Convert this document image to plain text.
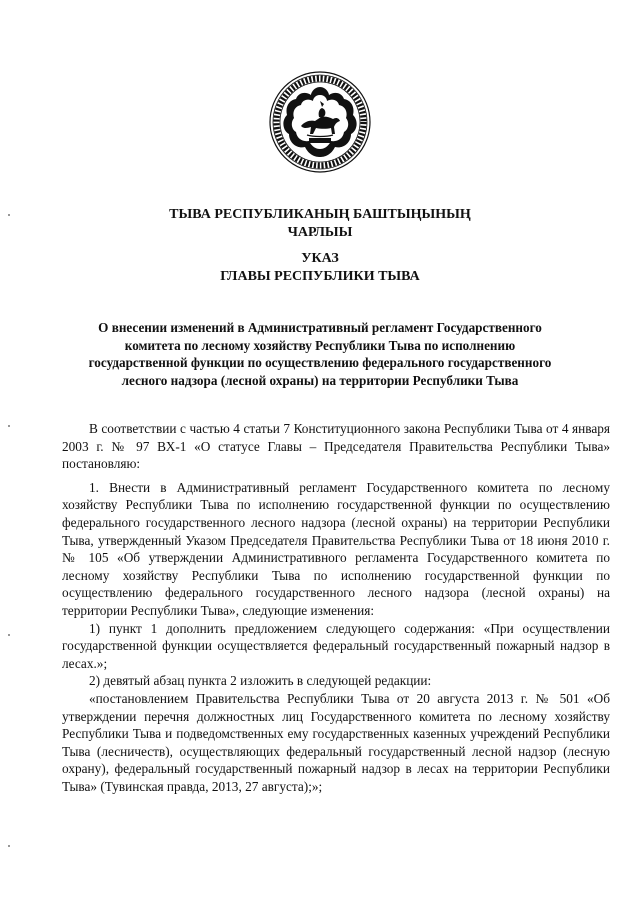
ТЫВА РЕСПУБЛИКАНЫҢ БАШТЫҢЫНЫҢ
ЧАРЛЫЫ
УКАЗ
ГЛАВЫ РЕСПУБЛИКИ ТЫВА
О внесении изменений в Административный регламент Государственного
комитета по лесному хозяйству Республики Тыва по исполнению
государственной функции по осуществлению федерального государственного
лесного надзора (лесной охраны) на территории Республики Тыва

В соответствии с частью 4 статьи 7 Конституционного закона Республики Тыва от 4 января 2003 г. № 97 ВХ-1 «О статусе Главы – Председателя Правительства Республики Тыва» постановляю:

1. Внести в Административный регламент Государственного комитета по лесному хозяйству Республики Тыва по исполнению государственной функции по осуществлению федерального государственного лесного надзора (лесной охраны) на территории Республики Тыва, утвержденный Указом Председателя Правительства Республики Тыва от 18 июня 2010 г. № 105 «Об утверждении Административного регламента Государственного комитета по лесному хозяйству Республики Тыва по исполнению государственной функции по осуществлению федерального государственного лесного надзора (лесной охраны) на территории Республики Тыва», следующие изменения:

1) пункт 1 дополнить предложением следующего содержания: «При осуществлении государственной функции осуществляется федеральный государственный пожарный надзор в лесах.»;

2) девятый абзац пункта 2 изложить в следующей редакции:

«постановлением Правительства Республики Тыва от 20 августа 2013 г. № 501 «Об утверждении перечня должностных лиц Государственного комитета по лесному хозяйству Республики Тыва и подведомственных ему государственных казенных учреждений Республики Тыва (лесничеств), осуществляющих федеральный государственный лесной надзор (лесную охрану), федеральный государственный пожарный надзор в лесах на территории Республики Тыва» (Тувинская правда, 2013, 27 августа);»;
